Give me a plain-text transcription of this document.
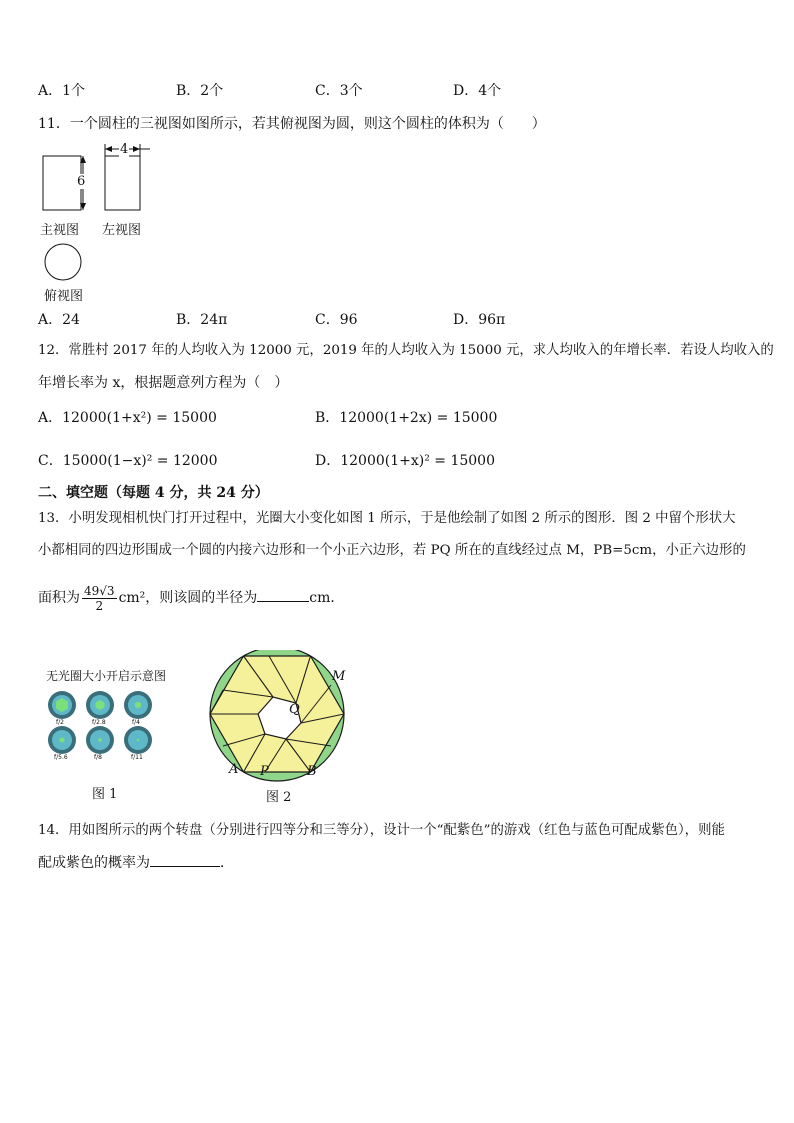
A．1个	B．2个	C．3个	D．4个
11．一个圆柱的三视图如图所示，若其俯视图为圆，则这个圆柱的体积为（　　）
6
4
主视图 左视图
俯视图
A．24	B．24π	C．96	D．96π
12．常胜村 2017 年的人均收入为 12000 元，2019 年的人均收入为 15000 元，求人均收入的年增长率．若设人均收入的
年增长率为 x，根据题意列方程为（　）
A．12000(1+x²) = 15000	B．12000(1+2x) = 15000
C．15000(1−x)² = 12000	D．12000(1+x)² = 15000
二、填空题（每题 4 分，共 24 分）
13．小明发现相机快门打开过程中，光圈大小变化如图 1 所示，于是他绘制了如图 2 所示的图形．图 2 中留个形状大
小都相同的四边形围成一个圆的内接六边形和一个小正六边形，若 PQ 所在的直线经过点 M，PB=5cm，小正六边形的
面积为 $\frac{49√3}{2} cm^2$，则该圆的半径为	cm．
无光圈大小开启示意图
f/2	f/2.8	f/4
f/5.6	f/8	f/11
图 1
M
Q
A P	B
图 2
14．用如图所示的两个转盘（分别进行四等分和三等分），设计一个“配紫色”的游戏（红色与蓝色可配成紫色），则能
配成紫色的概率为	．
